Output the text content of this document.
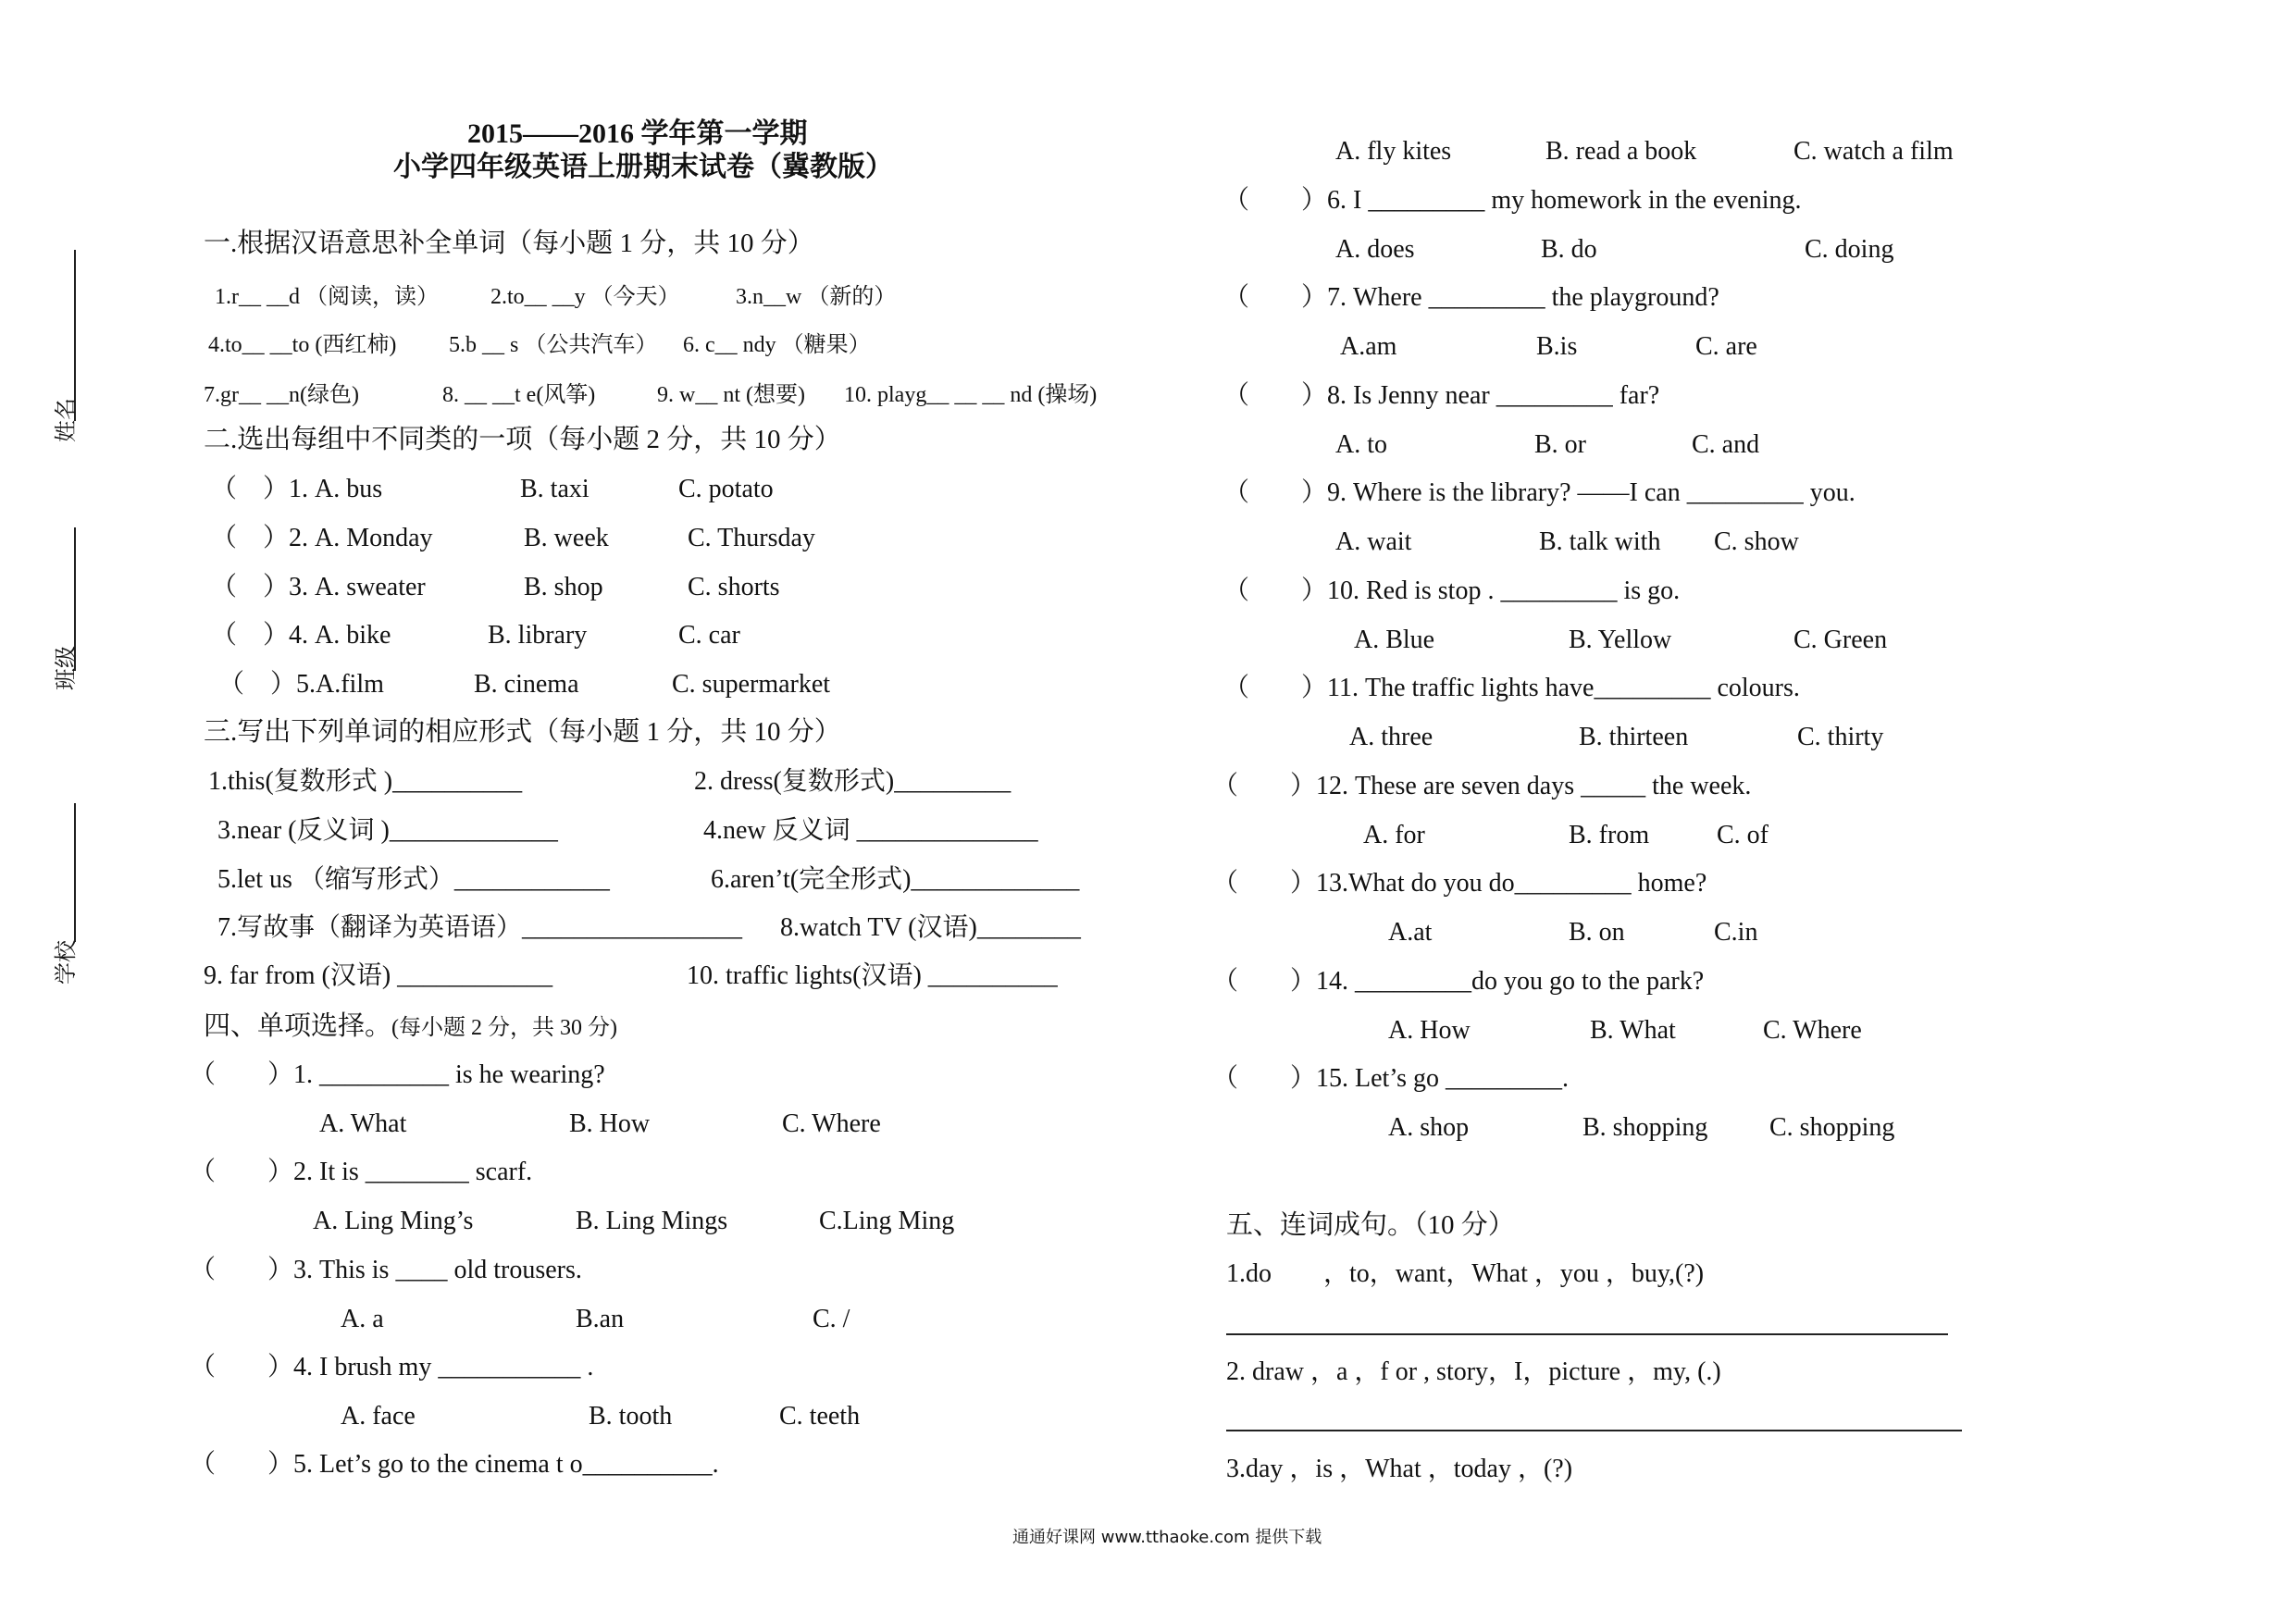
2015——2016 学年第一学期
小学四年级英语上册期末试卷（冀教版）
姓名
班级
学校
一.根据汉语意思补全单词（每小题 1 分，共 10 分）
1.r__ __d （阅读，读） 2.to__ __y （今天）	3.n__w （新的）
4.to__ __to (西红柿) 5.b __ s （公共汽车） 6. c__ ndy （糖果）
7.gr__ __n(绿色)	8. __ __t e(风筝)	9. w__ nt (想要) 10. playg__ __ __ nd (操场)
二.选出每组中不同类的一项（每小题 2 分，共 10 分）
（　）1. A. bus	B. taxi	C. potato
（　）2. A. Monday	B. week	C. Thursday
（　）3. A. sweater	B. shop	C. shorts
（　）4. A. bike	B. library	C. car
（　）5.A.film	B. cinema	C. supermarket
三.写出下列单词的相应形式（每小题 1 分，共 10 分）
1.this(复数形式 )__________	2. dress(复数形式)_________
3.near (反义词 )_____________	4.new 反义词 ______________
5.let us （缩写形式）____________	6.aren’t(完全形式)_____________
7.写故事（翻译为英语语）_________________ 8.watch TV (汉语)________
9. far from (汉语) ____________	10. traffic lights(汉语) __________
四、单项选择。(每小题 2 分，共 30 分)
（　　）1. __________ is he wearing?
A. What	B. How	C. Where
（　　）2. It is ________ scarf.
A. Ling Ming’s	B. Ling Mings	C.Ling Ming
（　　）3. This is ____ old trousers.
A. a	B.an	C. /
（　　）4. I brush my ___________ .
A. face	B. tooth	C. teeth
（　　）5. Let’s go to the cinema t o__________.
A. fly kites	B. read a book	C. watch a film
（　　）6. I _________ my homework in the evening.
A. does	B. do	C. doing
（　　）7. Where _________ the playground?
A.am	B.is	C. are
（　　）8. Is Jenny near _________ far?
A. to	B. or	C. and
（　　）9. Where is the library? ——I can _________ you.
A. wait	B. talk with C. show
（　　）10. Red is stop . _________ is go.
A. Blue	B. Yellow	C. Green
（　　）11. The traffic lights have_________ colours.
A. three	B. thirteen	C. thirty
（　　）12. These are seven days _____ the week.
A. for	B. from	C. of
（　　）13.What do you do_________ home?
A.at	B. on	C.in
（　　）14. _________do you go to the park?
A. How	B. What	C. Where
（　　）15. Let’s go _________.
A. shop	B. shopping C. shopping
五、连词成句。（10 分）
1.do　　，to，want，What ，you ，buy,(?)
2. draw ，a ，f or , story，I，picture ，my, (.)
3.day ，is ，What ，today ，(?)
通通好课网 www.tthaoke.com 提供下载
